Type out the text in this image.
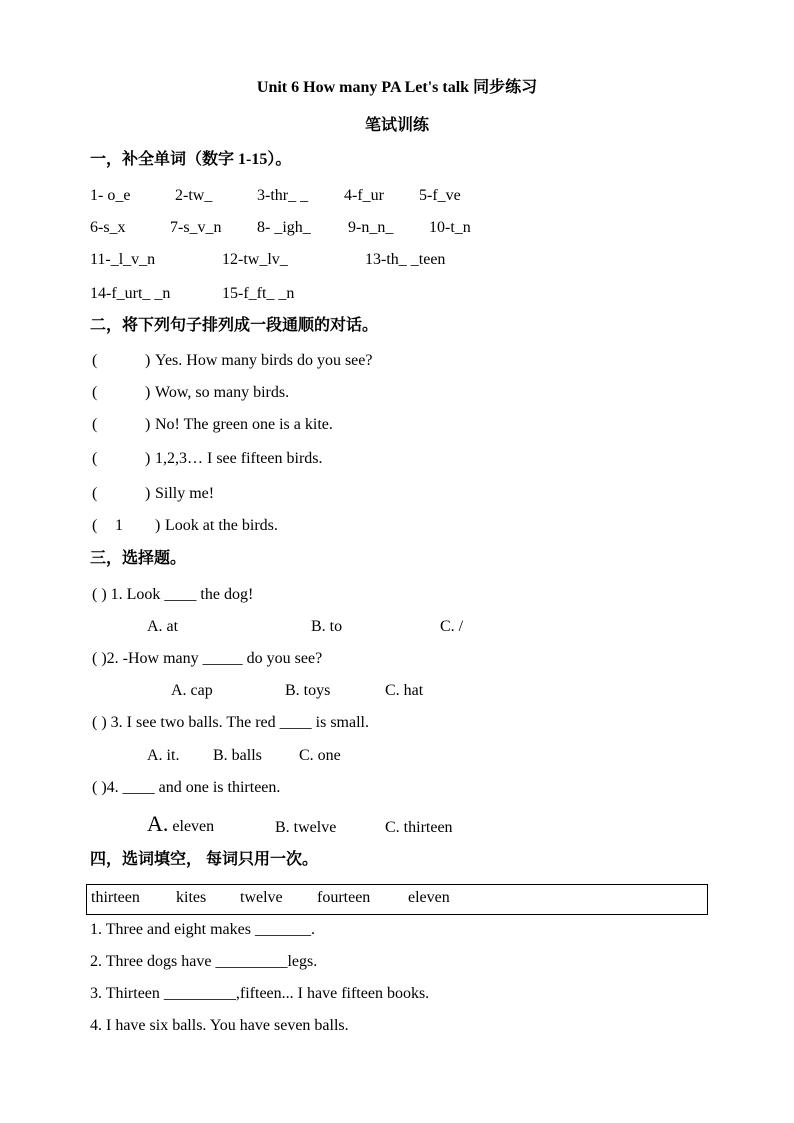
Unit 6 How many PA Let's talk 同步练习
笔试训练
一，补全单词（数字 1-15）。
1- o_e	2-tw_	3-thr_ _ 4-f_ur 5-f_ve
6-s_x	7-s_v_n 8- _igh_ 9-n_n_ 10-t_n
11-_l_v_n	12-tw_lv_	13-th_ _teen
14-f_urt_ _n	15-f_ft_ _n
二，将下列句子排列成一段通顺的对话。
(	) Yes. How many birds do you see?
(	) Wow, so many birds.
(	) No! The green one is a kite.
(	) 1,2,3… I see fifteen birds.
(	) Silly me!
( 1 ) Look at the birds.
三，选择题。
( ) 1. Look ____ the dog!
A. at	B. to	C. /
( )2. -How many _____ do you see?
A. cap	B. toys	C. hat
( ) 3. I see two balls. The red ____ is small.
A. it. B. balls C. one
( )4. ____ and one is thirteen.
A. eleven	B. twelve	C. thirteen
四，选词填空， 每词只用一次。
thirteen kites twelve fourteen eleven
1. Three and eight makes _______.
2. Three dogs have _________legs.
3. Thirteen _________,fifteen... I have fifteen books.
4. I have six balls. You have seven balls.
